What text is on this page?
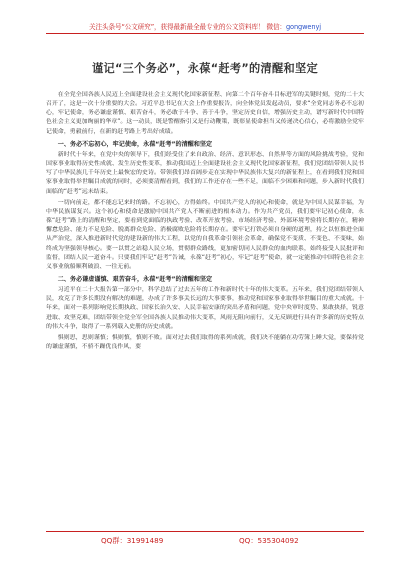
关注头条号“公文研究”，获得最新最全最专业的公文资料库！ 微信：gongwenyj
谨记“三个务必”，永葆“赶考”的清醒和坚定

在全党全国各族人民迈上全面建设社会主义现代化国家新征程、向第二个百年奋斗目标进军的关键时刻，党的二十大召开了，这是一次十分重要的大会。习近平总书记在大会上作重要报告，向全体党员发起动员，要求“全党同志务必不忘初心，牢记使命，务必谦虚谨慎、艰苦奋斗，务必敢于斗争、善于斗争，坚定历史自信，增强历史主动，谱写新时代中国特色社会主义更加绚丽的华章”。这一动员，既是警醒指引又是行动鞭策，既彰显使命担当又传递决心信心，必将激励全党牢记使命，勇毅前行，在新的赶考路上考出好成绩。

一、务必不忘初心，牢记使命，永葆“赶考”的清醒和坚定

新时代十年来，在党中央的领导下，我们经受住了来自政治、经济、意识形态、自然界等方面的风险挑战考验，党和国家事业取得历史性成就、发生历史性变革，推动我国迈上全面建设社会主义现代化国家新征程，我们党团结带领人民书写了中华民族几千年历史上最恢宏的史诗。带领我们昂首阔步走在实现中华民族伟大复兴的新征程上，在看到我们党和国家事业取得举世瞩目成就的同时，必须要清醒看到，我们的工作还存在一些不足，面临不少困难和问题，步入新时代我们面临的“赶考”远未结束。

一切向前走，都不能忘记来时的路。不忘初心，方得始终。中国共产党人的初心和使命，就是为中国人民谋幸福，为中华民族谋复兴。这个初心和使命是激励中国共产党人不断前进的根本动力。作为共产党员，我们要牢记初心使命，永葆“赶考”路上的清醒和坚定，要看到党面临的执政考验、改革开放考验、市场经济考验、外部环境考验将长期存在，精神懈怠危险、能力不足危险、脱离群众危险、消极腐败危险将长期存在。要牢记打铁必须自身硬的道理，持之以恒推进全面从严治党，深入推进新时代党的建设新的伟大工程，以党的自我革命引领社会革命，确保党不变质、不变色、不变味，始终成为坚强领导核心。要一以贯之站稳人民立场，贯彻群众路线，更加密切同人民群众的血肉联系，始终接受人民批评和监督，团结人民一道奋斗。只要我们牢记“赶考”告诫，永葆“赶考”初心，牢记“赶考”使命，就一定能推动中国特色社会主义事业航船顺利破浪、一往无前。

二、务必谦虚谨慎、艰苦奋斗，永葆“赶考”的清醒和坚定

习近平在二十大报告第一部分中，科学总结了过去五年的工作和新时代十年的伟大变革。五年来，我们党团结带领人民，攻克了许多长期没有解决的难题，办成了许多事关长远的大事要事，推动党和国家事业取得举世瞩目的重大成就。十年来，面对一系列影响党长期执政、国家长治久安、人民幸福安康的突出矛盾和问题，党中央审时度势、果敢抉择，锐意进取、攻坚克难，团结带领全党全军全国各族人民推动伟大变革，风雨无阻向前行，义无反顾进行具有许多新的历史特点的伟大斗争，取得了一系列载入史册的历史成就。

惧则思，思则谨慎；惧则慎，慎则不败。面对过去我们取得的系列成就，我们决不能躺在功劳簿上睡大觉，要保持党的谦虚谨慎，不骄不躁优良作风，要

QQ群：31991489	QQ：535304092
